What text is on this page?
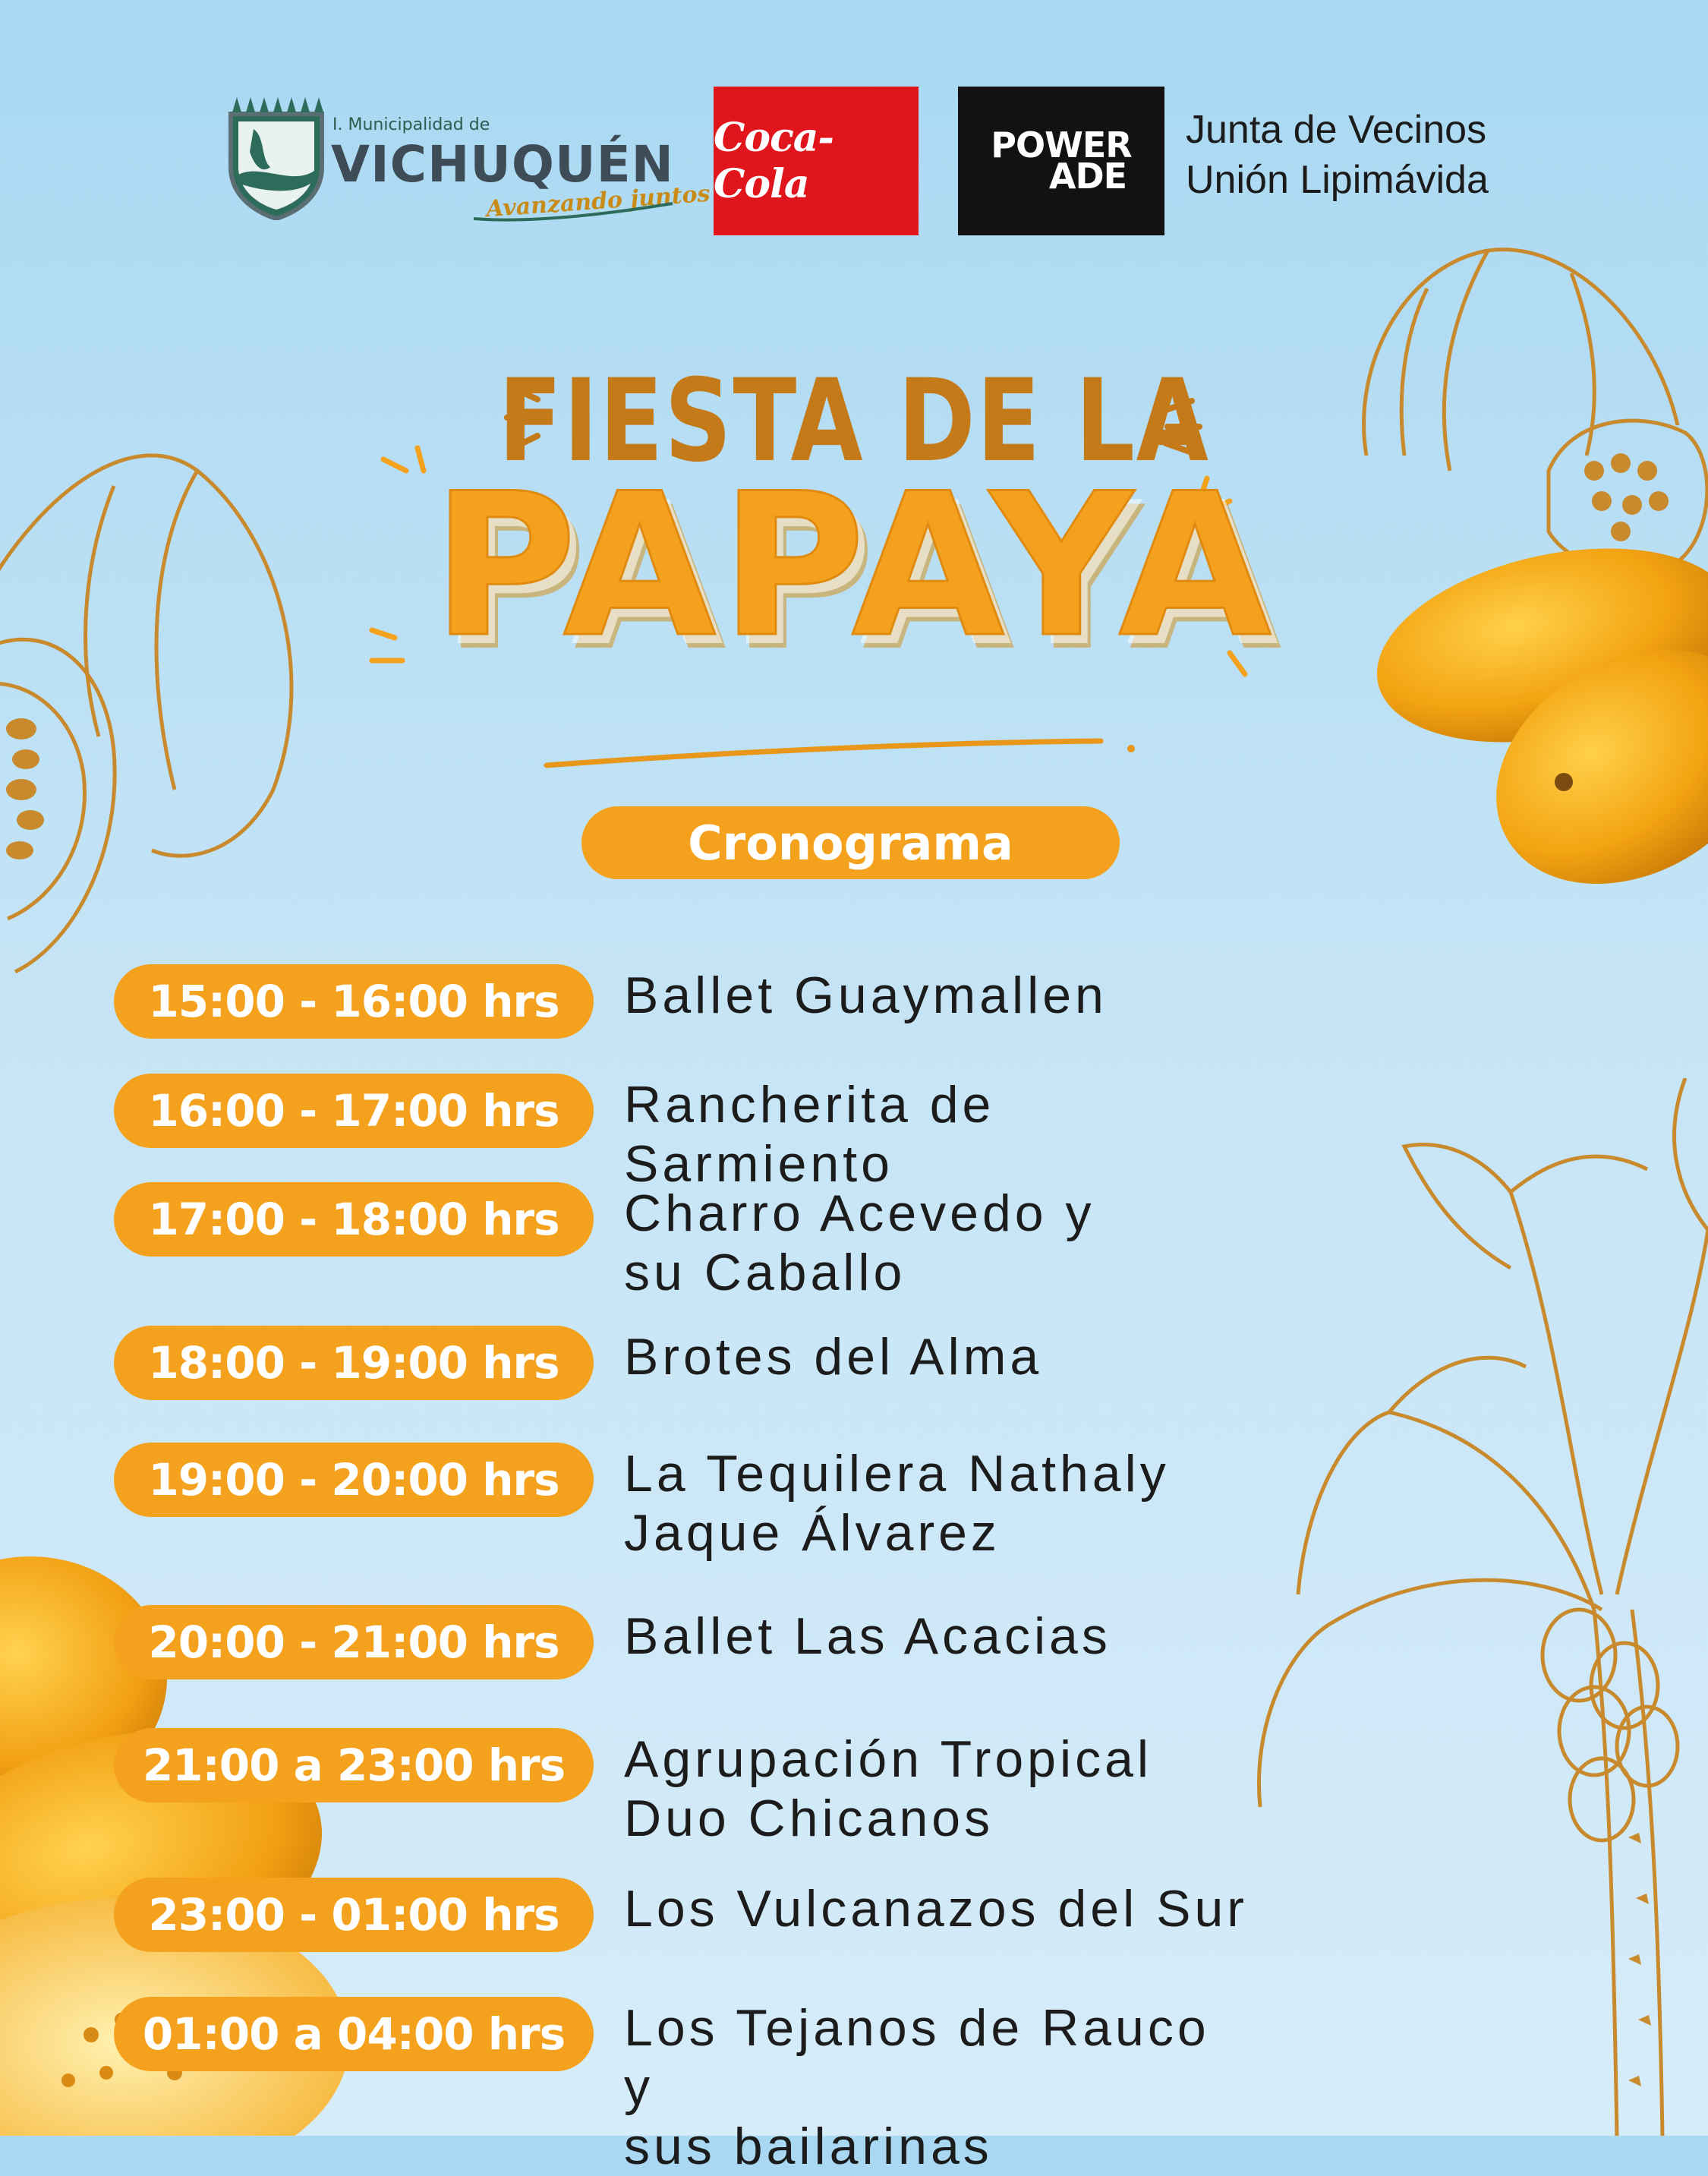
I. Municipalidad de
VICHUQUÉN
Avanzando juntos
Coca-Cola
POWER
ADE
Junta de Vecinos
Unión Lipimávida
FIESTA DE LA
PAPAYA
Cronograma
15:00 - 16:00 hrs Ballet Guaymallen
16:00 - 17:00 hrs Rancherita de Sarmiento
17:00 - 18:00 hrs Charro Acevedo y
su Caballo
18:00 - 19:00 hrs Brotes del Alma
19:00 - 20:00 hrs La Tequilera Nathaly
Jaque Álvarez
20:00 - 21:00 hrs Ballet Las Acacias
21:00 a 23:00 hrs Agrupación Tropical
Duo Chicanos
23:00 - 01:00 hrs Los Vulcanazos del Sur
01:00 a 04:00 hrs Los Tejanos de Rauco y
sus bailarinas
